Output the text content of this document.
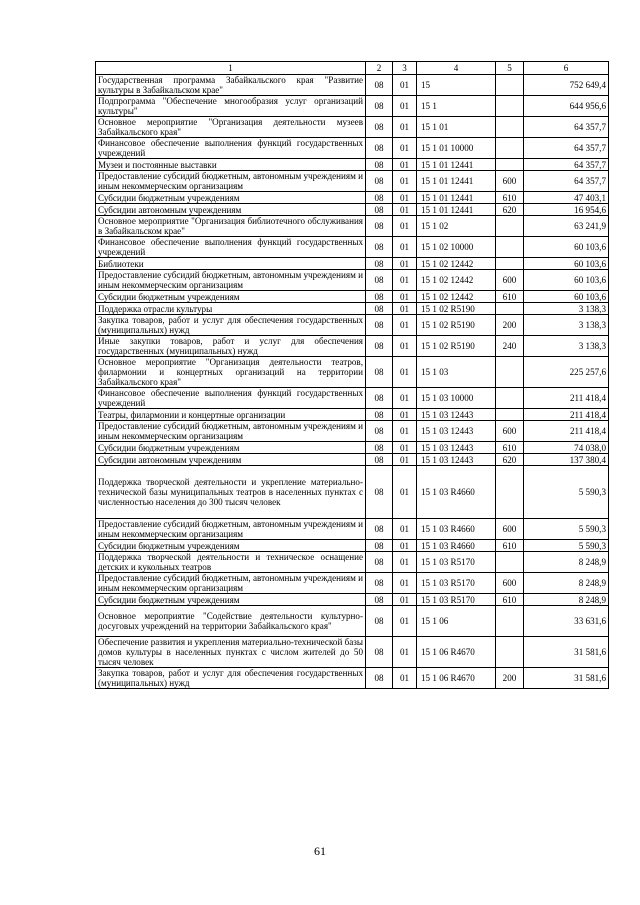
1	2	3	4	5	6
Государственная программа Забайкальского края "Развитие культуры в Забайкальском крае"	08	01	15		752 649,4
Подпрограмма "Обеспечение многообразия услуг организаций культуры"	08	01	15 1		644 956,6
Основное мероприятие "Организация деятельности музеев Забайкальского края"	08	01	15 1 01		64 357,7
Финансовое обеспечение выполнения функций государственных учреждений	08	01	15 1 01 10000		64 357,7
Музеи и постоянные выставки	08	01	15 1 01 12441		64 357,7
Предоставление субсидий бюджетным, автономным учреждениям и иным некоммерческим организациям	08	01	15 1 01 12441	600	64 357,7
Субсидии бюджетным учреждениям	08	01	15 1 01 12441	610	47 403,1
Субсидии автономным учреждениям	08	01	15 1 01 12441	620	16 954,6
Основное мероприятие "Организация библиотечного обслуживания в Забайкальском крае"	08	01	15 1 02		63 241,9
Финансовое обеспечение выполнения функций государственных учреждений	08	01	15 1 02 10000		60 103,6
Библиотеки	08	01	15 1 02 12442		60 103,6
Предоставление субсидий бюджетным, автономным учреждениям и иным некоммерческим организациям	08	01	15 1 02 12442	600	60 103,6
Субсидии бюджетным учреждениям	08	01	15 1 02 12442	610	60 103,6
Поддержка отрасли культуры	08	01	15 1 02 R5190		3 138,3
Закупка товаров, работ и услуг для обеспечения государственных (муниципальных) нужд	08	01	15 1 02 R5190	200	3 138,3
Иные закупки товаров, работ и услуг для обеспечения государственных (муниципальных) нужд	08	01	15 1 02 R5190	240	3 138,3
Основное мероприятие "Организация деятельности театров, филармонии и концертных организаций на территории Забайкальского края"	08	01	15 1 03		225 257,6
Финансовое обеспечение выполнения функций государственных учреждений	08	01	15 1 03 10000		211 418,4
Театры, филармонии и концертные организации	08	01	15 1 03 12443		211 418,4
Предоставление субсидий бюджетным, автономным учреждениям и иным некоммерческим организациям	08	01	15 1 03 12443	600	211 418,4
Субсидии бюджетным учреждениям	08	01	15 1 03 12443	610	74 038,0
Субсидии автономным учреждениям	08	01	15 1 03 12443	620	137 380,4
Поддержка творческой деятельности и укрепление материально-технической базы муниципальных театров в населенных пунктах с численностью населения до 300 тысяч человек	08	01	15 1 03 R4660		5 590,3
Предоставление субсидий бюджетным, автономным учреждениям и иным некоммерческим организациям	08	01	15 1 03 R4660	600	5 590,3
Субсидии бюджетным учреждениям	08	01	15 1 03 R4660	610	5 590,3
Поддержка творческой деятельности и техническое оснащение детских и кукольных театров	08	01	15 1 03 R5170		8 248,9
Предоставление субсидий бюджетным, автономным учреждениям и иным некоммерческим организациям	08	01	15 1 03 R5170	600	8 248,9
Субсидии бюджетным учреждениям	08	01	15 1 03 R5170	610	8 248,9
Основное мероприятие "Содействие деятельности культурно-досуговых учреждений на территории Забайкальского края"	08	01	15 1 06		33 631,6
Обеспечение развития и укрепления материально-технической базы домов культуры в населенных пунктах с числом жителей до 50 тысяч человек	08	01	15 1 06 R4670		31 581,6
Закупка товаров, работ и услуг для обеспечения государственных (муниципальных) нужд	08	01	15 1 06 R4670	200	31 581,6
61
